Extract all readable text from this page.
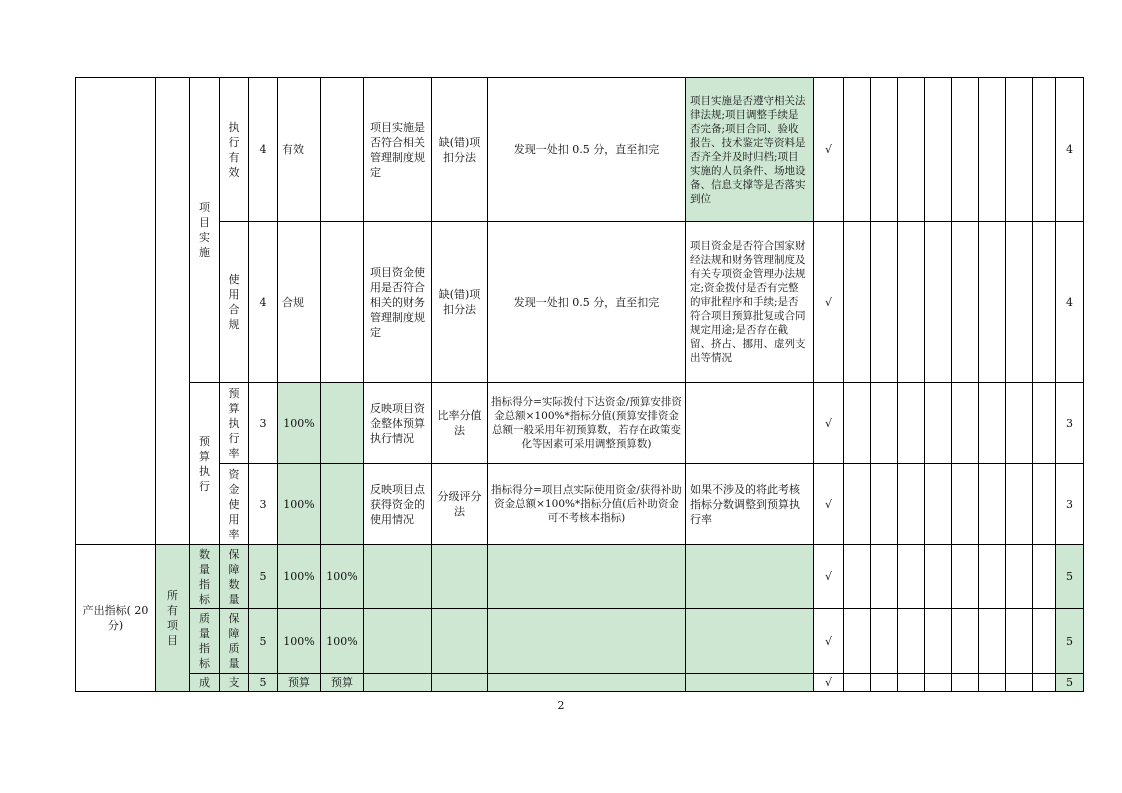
		项目实施	执行有效	4	有效		项目实施是否符合相关管理制度规定	缺(错)项扣分法	发现一处扣 0.5 分，直至扣完	项目实施是否遵守相关法律法规;项目调整手续是否完备;项目合同、验收报告、技术鉴定等资料是否齐全并及时归档;项目实施的人员条件、场地设备、信息支撑等是否落实到位	√									4

			使用合规	4	合规		项目资金使用是否符合相关的财务管理制度规定	缺(错)项扣分法	发现一处扣 0.5 分，直至扣完	项目资金是否符合国家财经法规和财务管理制度及有关专项资金管理办法规定;资金拨付是否有完整的审批程序和手续;是否符合项目预算批复或合同规定用途;是否存在截留、挤占、挪用、虚列支出等情况	√									4

		预算执行	预算执行率	3	100%		反映项目资金整体预算执行情况	比率分值法	指标得分=实际拨付下达资金/预算安排资金总额×100%*指标分值(预算安排资金总额一般采用年初预算数，若存在政策变化等因素可采用调整预算数)		√									3

			资金使用率	3	100%		反映项目点获得资金的使用情况	分级评分法	指标得分=项目点实际使用资金/获得补助资金总额×100%*指标分值(后补助资金可不考核本指标)	如果不涉及的将此考核指标分数调整到预算执行率	√									3
产出指标( 20 分)	所有项目	数量指标	保障数量	5	100%	100%					√									5

		质量指标	保障质量	5	100%	100%					√									5
		成	支	5	预算	预算					√									5
2
